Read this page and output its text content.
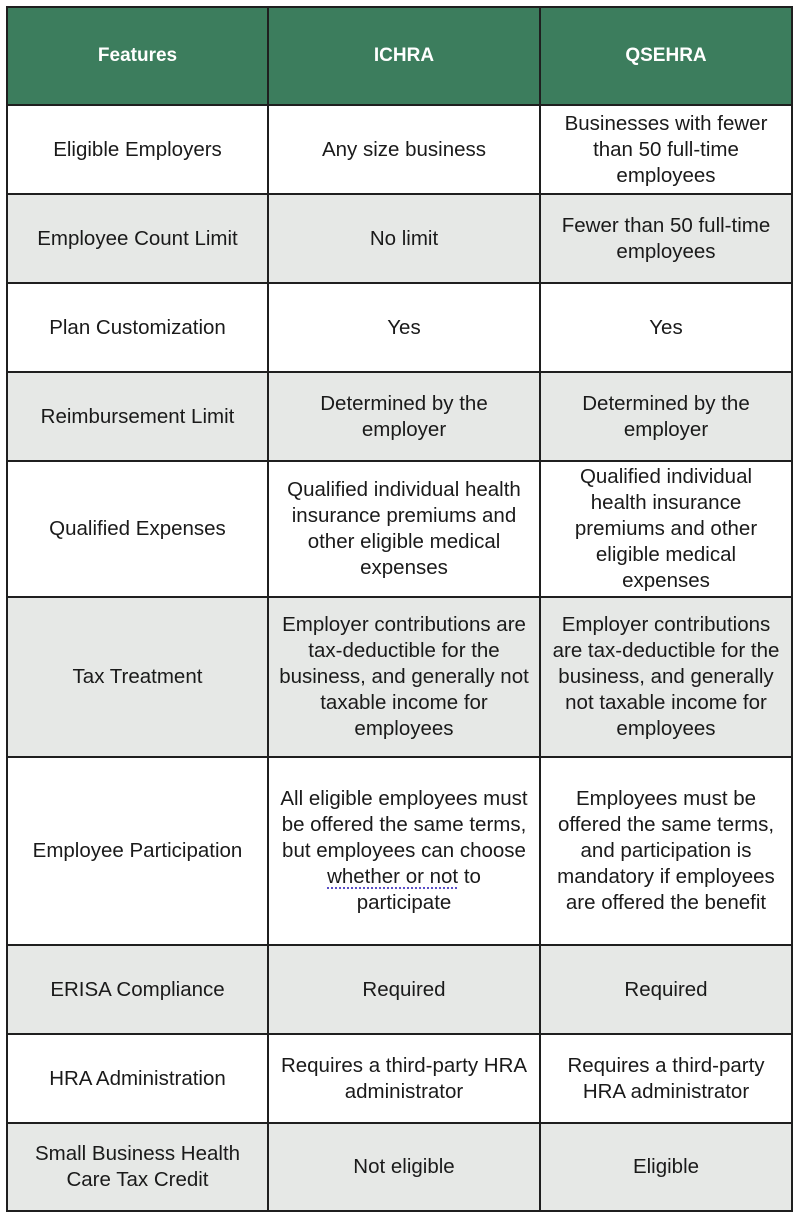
Features	ICHRA	QSEHRA
Eligible Employers	Any size business	Businesses with fewer than 50 full-time employees
Employee Count Limit	No limit	Fewer than 50 full-time employees
Plan Customization	Yes	Yes
Reimbursement Limit	Determined by the employer	Determined by the employer
Qualified Expenses	Qualified individual health insurance premiums and other eligible medical expenses	Qualified individual health insurance premiums and other eligible medical expenses
Tax Treatment	Employer contributions are tax-deductible for the business, and generally not taxable income for employees	Employer contributions are tax-deductible for the business, and generally not taxable income for employees
Employee Participation	All eligible employees must be offered the same terms, but employees can choose whether or not to participate	Employees must be offered the same terms, and participation is mandatory if employees are offered the benefit
ERISA Compliance	Required	Required
HRA Administration	Requires a third-party HRA administrator	Requires a third-party HRA administrator
Small Business Health Care Tax Credit	Not eligible	Eligible
